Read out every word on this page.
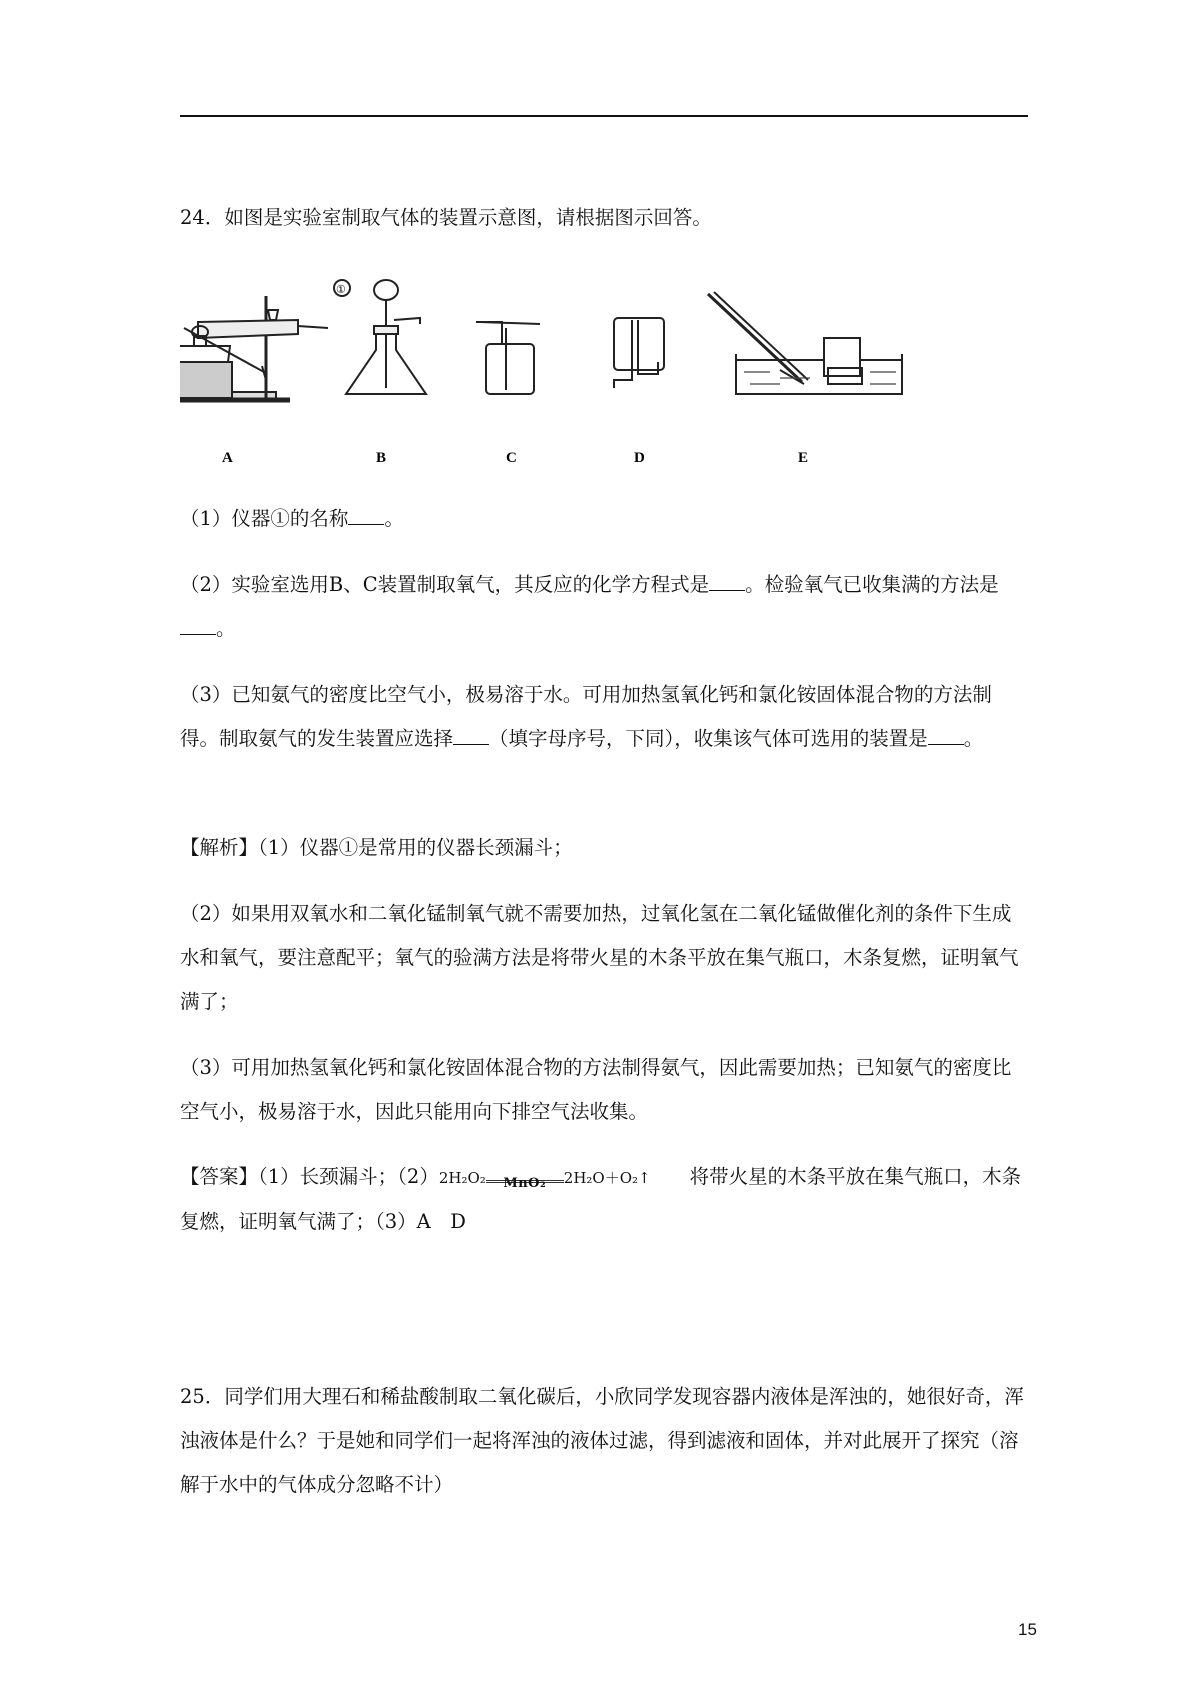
24．如图是实验室制取气体的装置示意图，请根据图示回答。

A	B	C	D	E
①

（1）仪器①的名称 。

（2）实验室选用B、C装置制取氧气，其反应的化学方程式是 。检验氧气已收集满的方法是。

（3）已知氨气的密度比空气小，极易溶于水。可用加热氢氧化钙和氯化铵固体混合物的方法制得。制取氨气的发生装置应选择 （填字母序号，下同），收集该气体可选用的装置是 。

【解析】（1）仪器①是常用的仪器长颈漏斗；

（2）如果用双氧水和二氧化锰制氧气就不需要加热，过氧化氢在二氧化锰做催化剂的条件下生成水和氧气，要注意配平；氧气的验满方法是将带火星的木条平放在集气瓶口，木条复燃，证明氧气满了；

（3）可用加热氢氧化钙和氯化铵固体混合物的方法制得氨气，因此需要加热；已知氨气的密度比空气小，极易溶于水，因此只能用向下排空气法收集。

【答案】（1）长颈漏斗；（2）2H₂O₂	MnO₂	2H₂O＋O₂↑　　 将带火星的木条平放在集气瓶口，木条复燃，证明氧气满了；（3）A　D

25．同学们用大理石和稀盐酸制取二氧化碳后，小欣同学发现容器内液体是浑浊的，她很好奇，浑浊液体是什么？于是她和同学们一起将浑浊的液体过滤，得到滤液和固体，并对此展开了探究（溶解于水中的气体成分忽略不计）

15
